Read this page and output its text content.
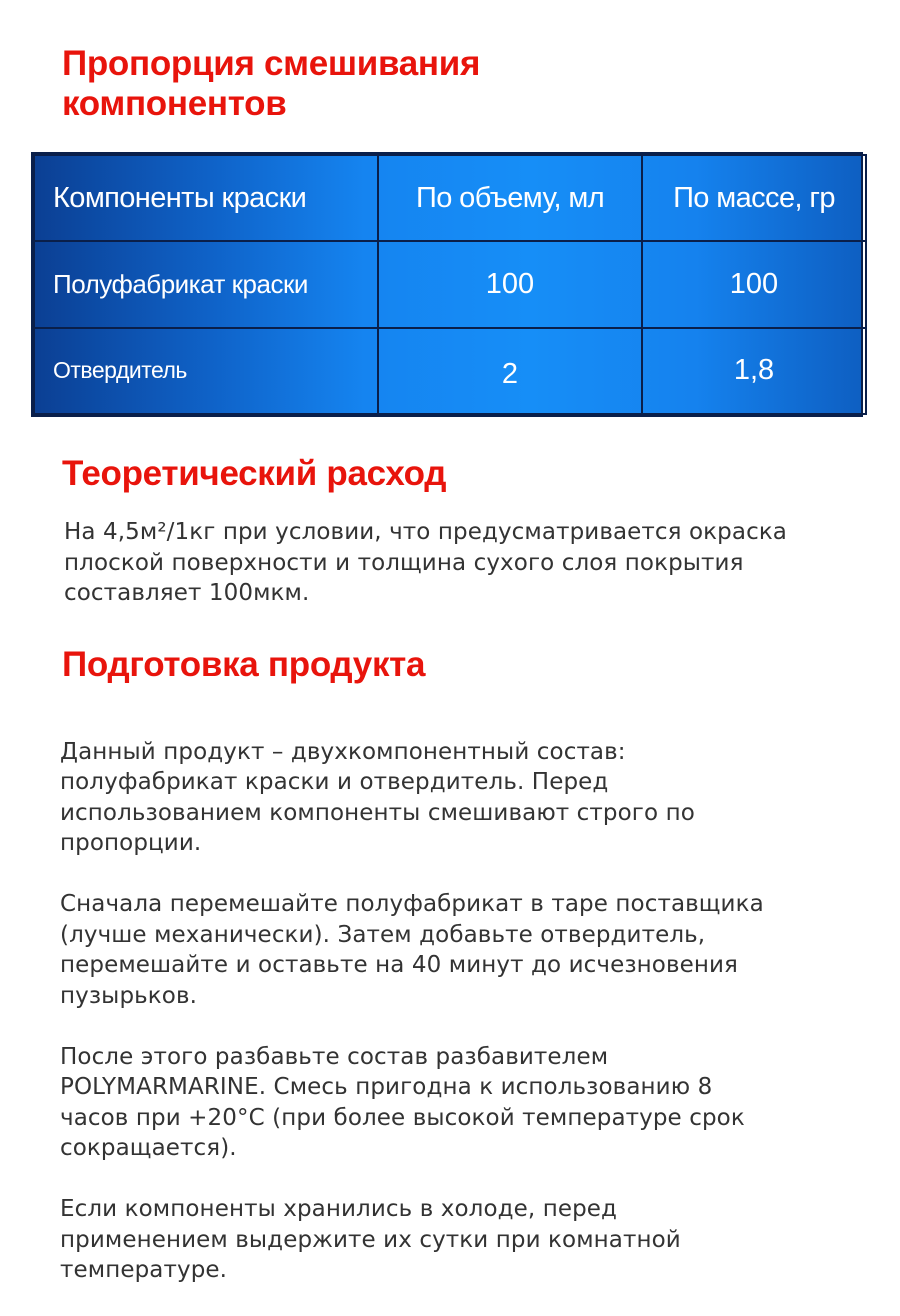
Пропорция смешивания
компонентов
Компоненты краски	По объему, мл	По массе, гр
Полуфабрикат краски	100	100
Отвердитель	2	1,8
Теоретический расход

На 4,5м²/1кг при условии, что предусматривается окраска
плоской поверхности и толщина сухого слоя покрытия
составляет 100мкм.

Подготовка продукта

Данный продукт – двухкомпонентный состав:
полуфабрикат краски и отвердитель. Перед
использованием компоненты смешивают строго по
пропорции.

Сначала перемешайте полуфабрикат в таре поставщика
(лучше механически). Затем добавьте отвердитель,
перемешайте и оставьте на 40 минут до исчезновения
пузырьков.

После этого разбавьте состав разбавителем
POLYMARMARINE. Смесь пригодна к использованию 8
часов при +20°C (при более высокой температуре срок
сокращается).

Если компоненты хранились в холоде, перед
применением выдержите их сутки при комнатной
температуре.
